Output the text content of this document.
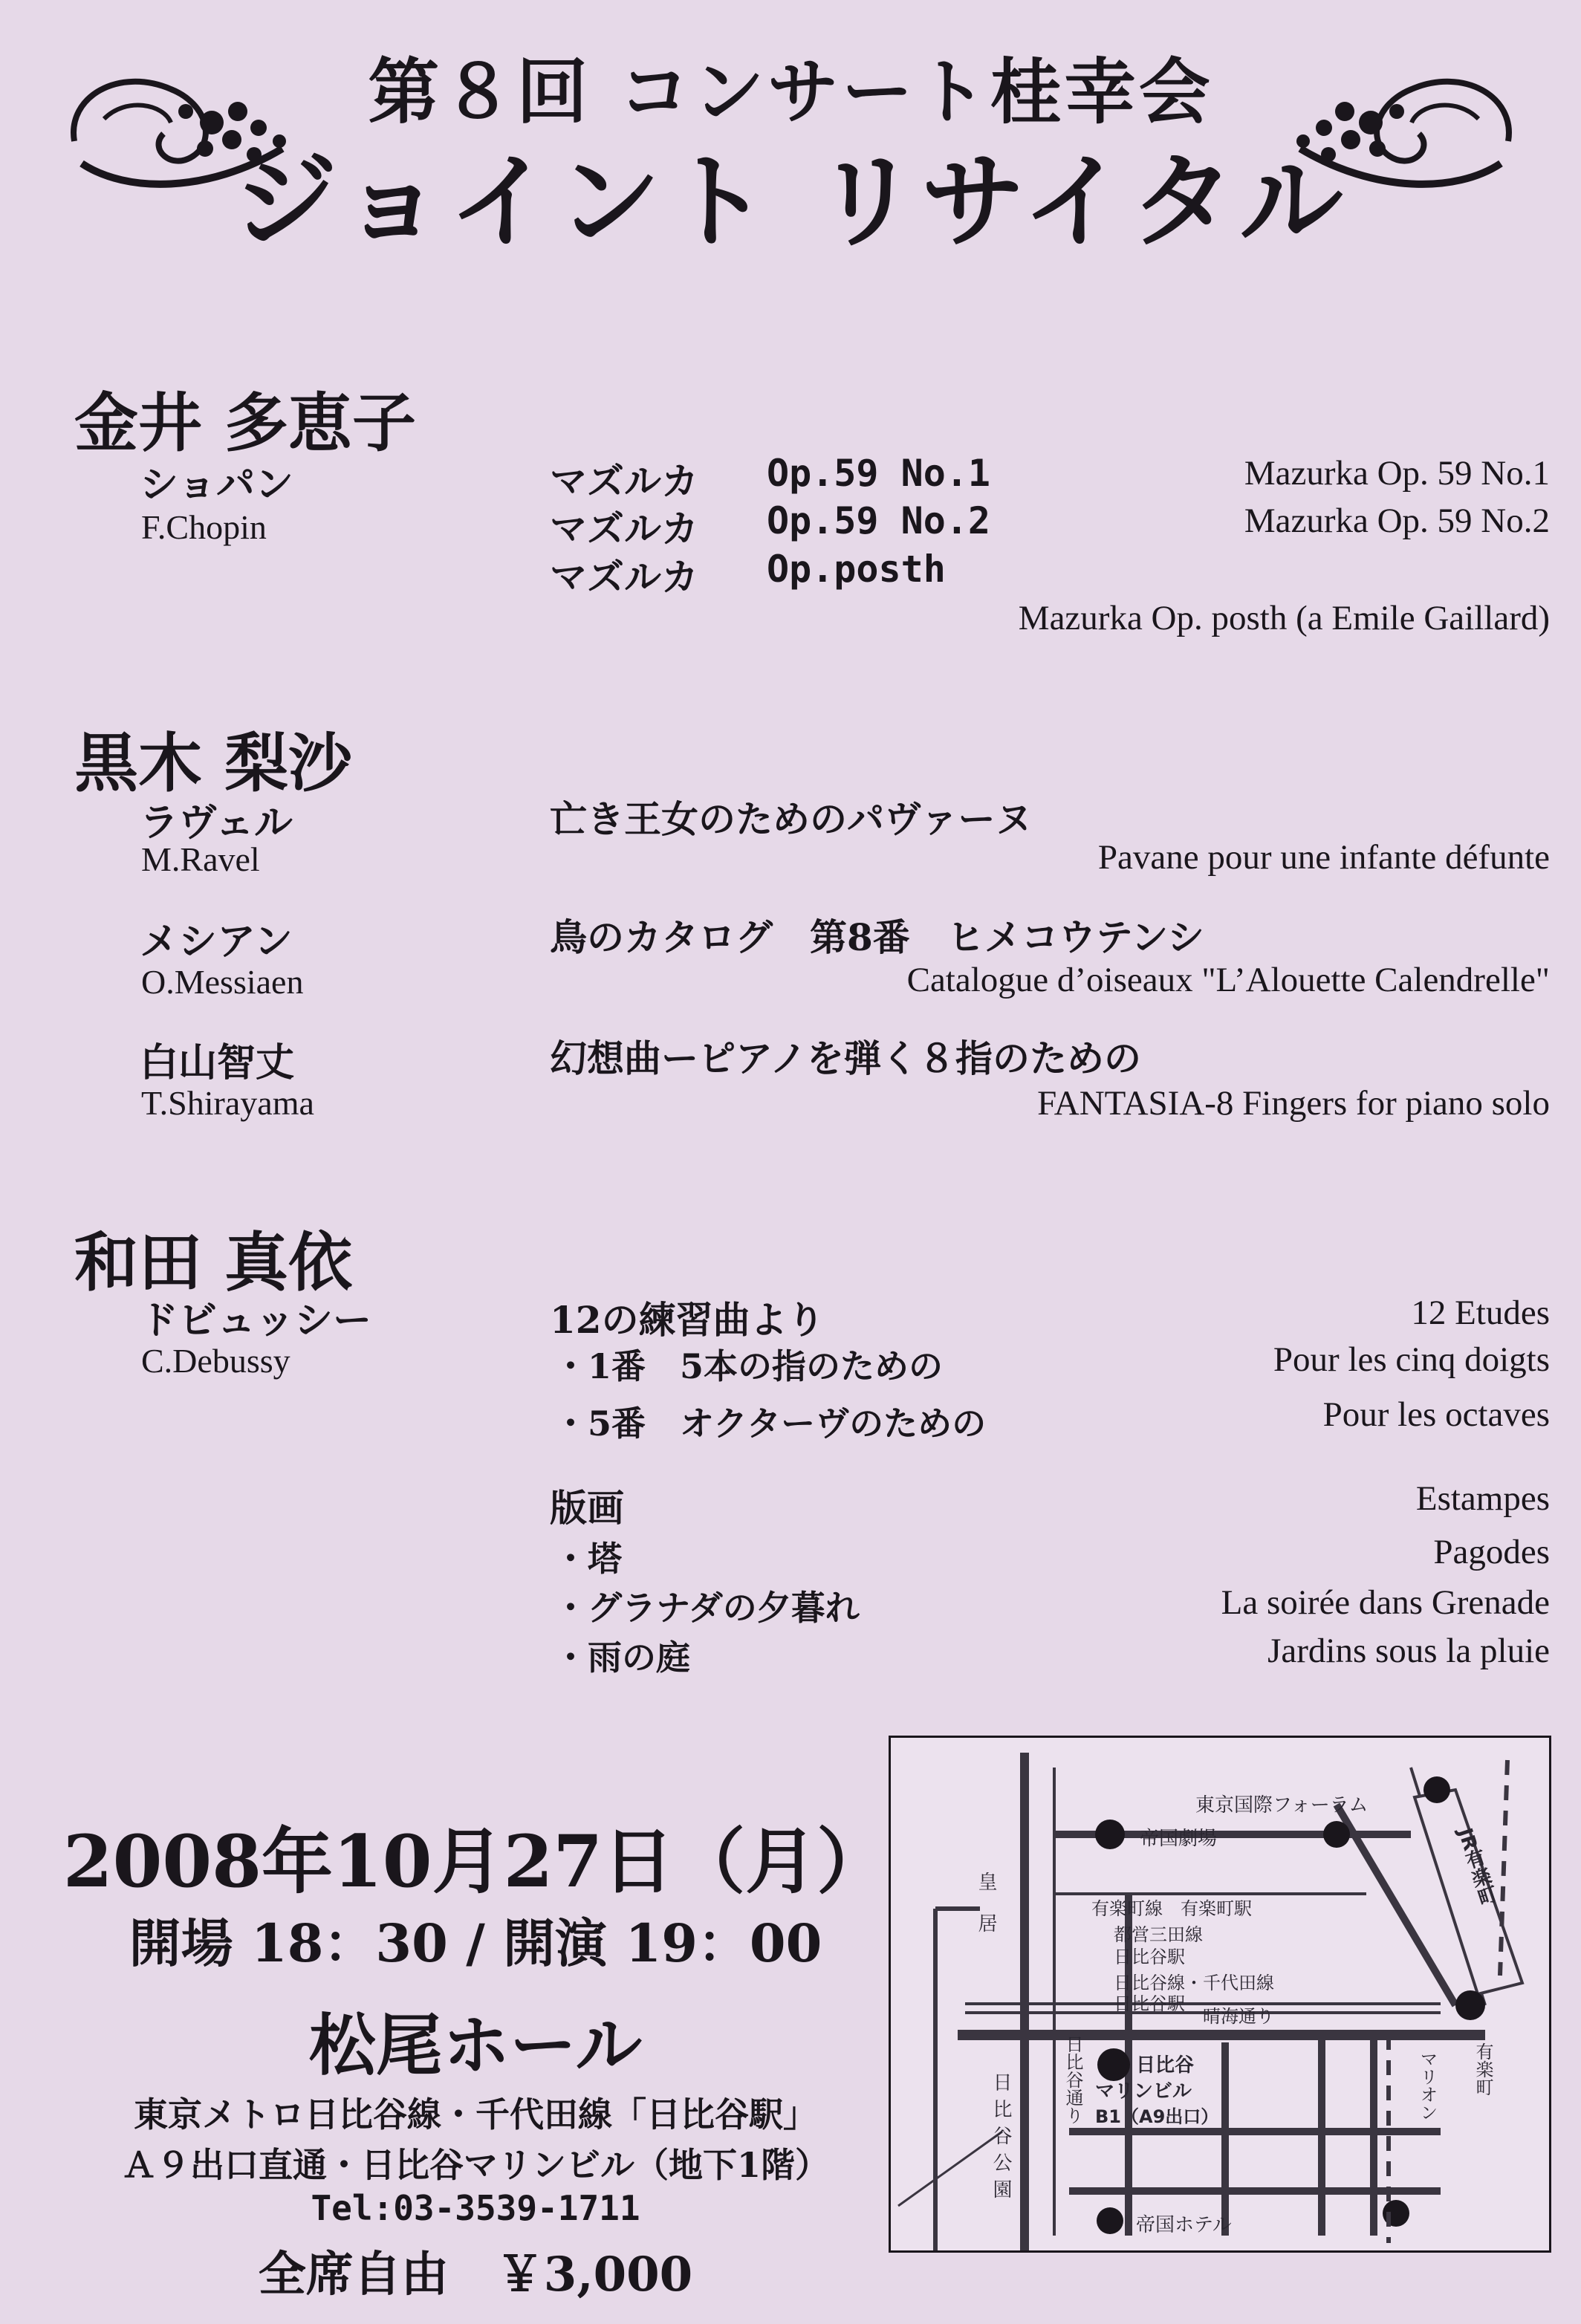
第８回 コンサート桂幸会
ジョイント リサイタル
金井 多恵子
ショパン
F.Chopin
マズルカ Op.59 No.1	Mazurka Op. 59 No.1
マズルカ Op.59 No.2	Mazurka Op. 59 No.2
マズルカ Op.posth
Mazurka Op. posth (a Emile Gaillard)
黒木 梨沙
ラヴェル
M.Ravel
亡き王女のためのパヴァーヌ
Pavane pour une infante défunte
メシアン
O.Messiaen
鳥のカタログ　第8番　ヒメコウテンシ
Catalogue d’oiseaux "L’Alouette Calendrelle"
白山智丈
T.Shirayama
幻想曲ーピアノを弾く８指のための
FANTASIA-8 Fingers for piano solo
和田 真依
ドビュッシー
C.Debussy
12の練習曲より	12 Etudes
・1番　5本の指のための	Pour les cinq doigts
・5番　オクターヴのための	Pour les octaves
版画	Estampes
・塔	Pagodes
・グラナダの夕暮れ	La soirée dans Grenade
・雨の庭	Jardins sous la pluie
2008年10月27日（月）
開場 18：30 / 開演 19：00
松尾ホール
東京メトロ日比谷線・千代田線「日比谷駅」
Ａ９出口直通・日比谷マリンビル（地下1階）
Tel:03-3539-1711
全席自由　￥3,000
東京国際フォーラム
帝国劇場
皇居	有楽町線　有楽町駅
都営三田線
日比谷駅
日比谷線・千代田線
日比谷駅
晴海通り
日比谷通り
日比谷公園
日比谷
マリンビル
B1（A9出口）	マリオン 有楽町
JR有楽町
帝国ホテル
